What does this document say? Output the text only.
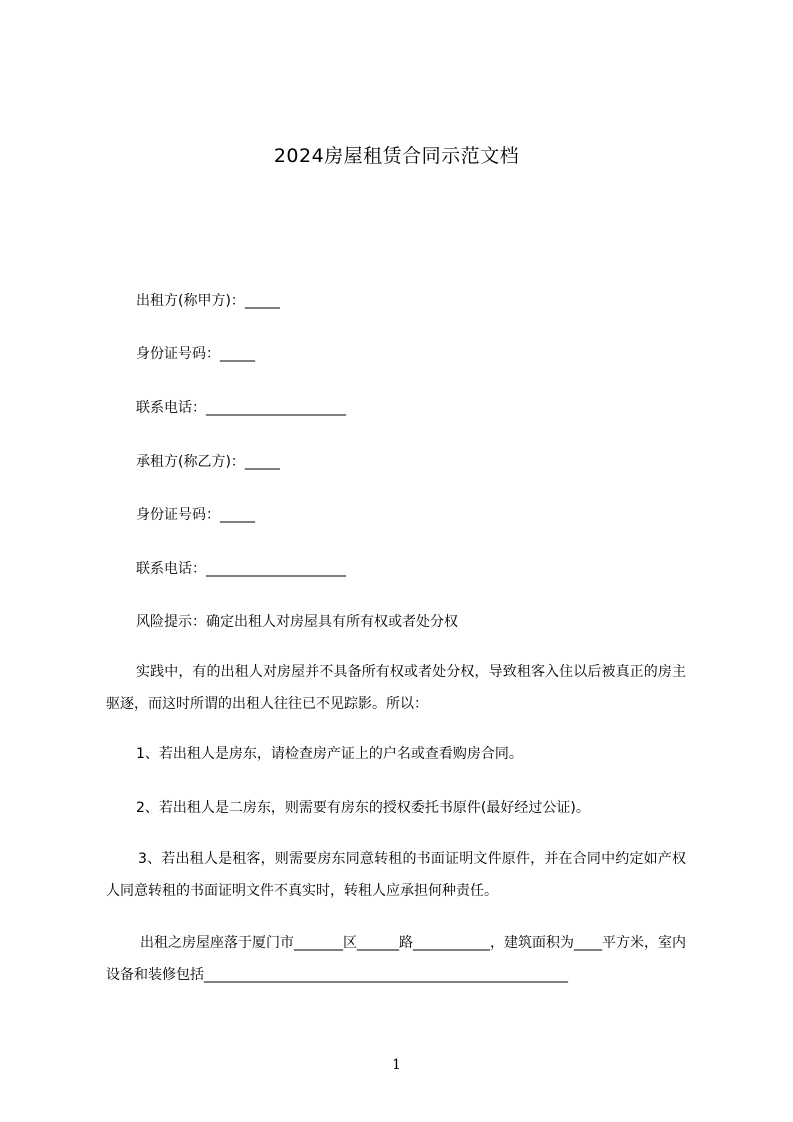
2024房屋租赁合同示范文档
出租方(称甲方)：_____
身份证号码：_____
联系电话：____________________
承租方(称乙方)：_____
身份证号码：_____
联系电话：____________________
风险提示：确定出租人对房屋具有所有权或者处分权
实践中，有的出租人对房屋并不具备所有权或者处分权，导致租客入住以后被真正的房主驱逐，而这时所谓的出租人往往已不见踪影。所以：
1、若出租人是房东，请检查房产证上的户名或查看购房合同。
2、若出租人是二房东，则需要有房东的授权委托书原件(最好经过公证)。
3、若出租人是租客，则需要房东同意转租的书面证明文件原件，并在合同中约定如产权人同意转租的书面证明文件不真实时，转租人应承担何种责任。
出租之房屋座落于厦门市_______区______路___________，建筑面积为____平方米，室内设备和装修包括____________________________________________________
1
